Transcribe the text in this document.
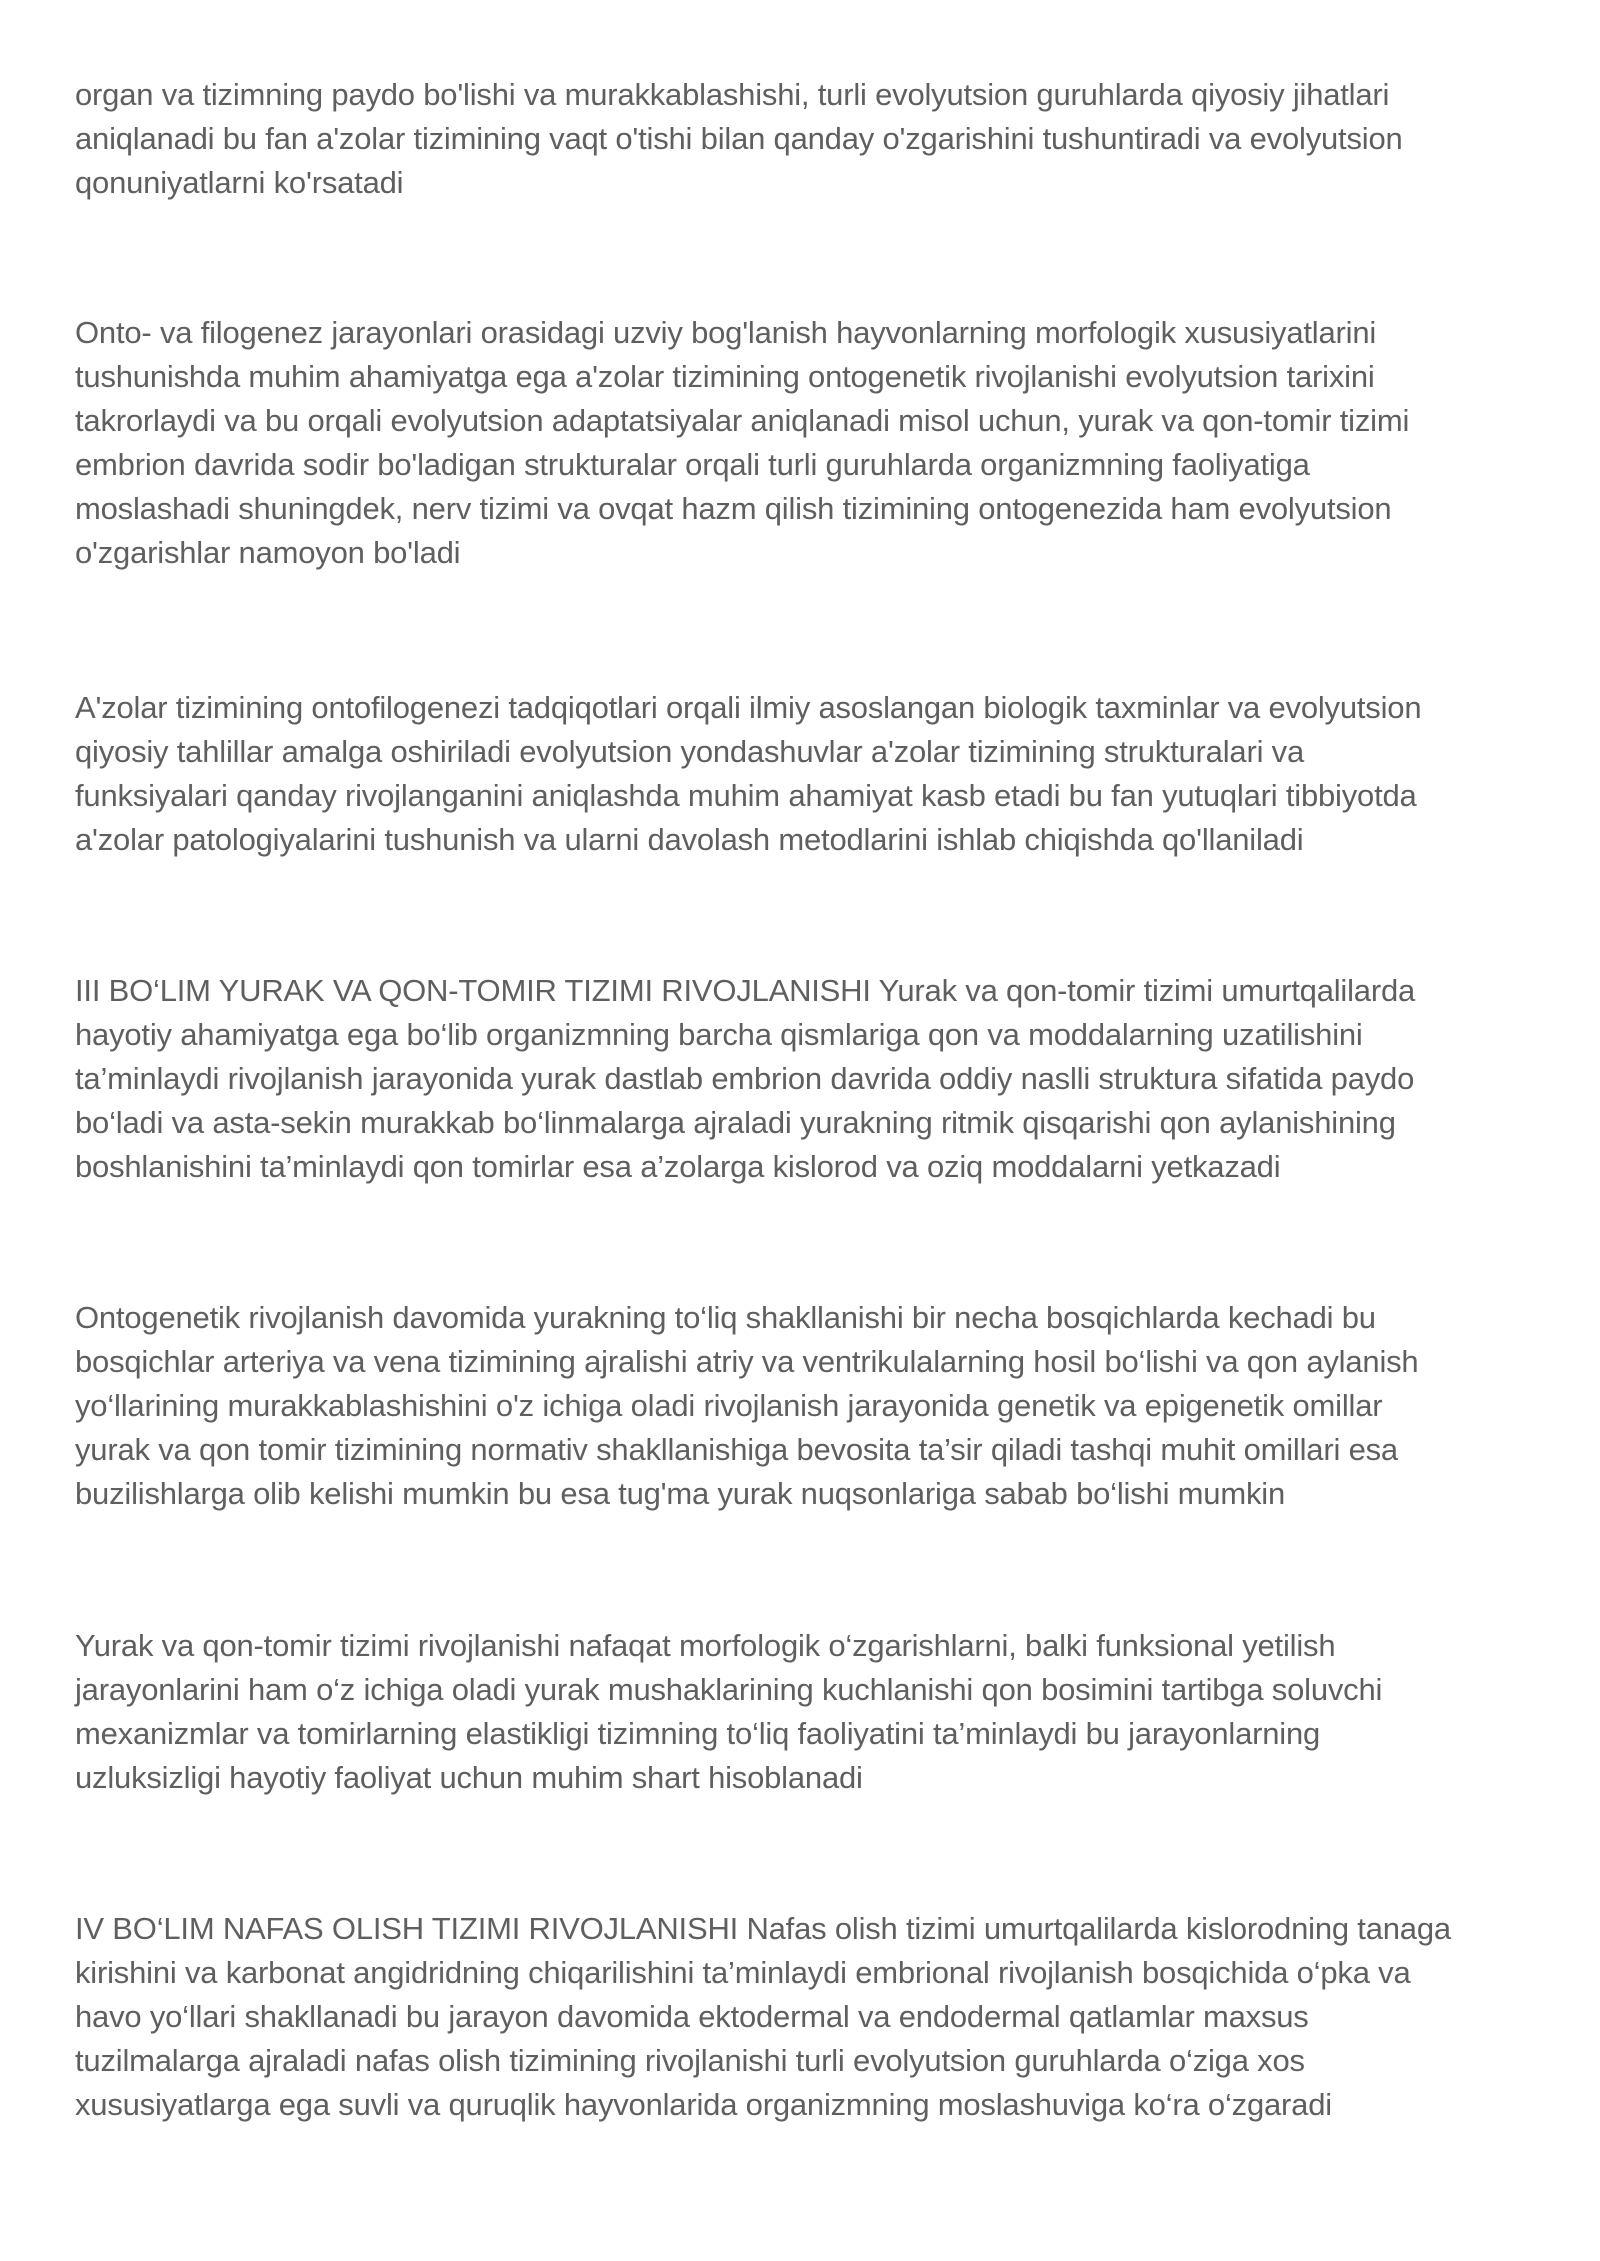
organ va tizimning paydo bo'lishi va murakkablashishi, turli evolyutsion guruhlarda qiyosiy jihatlari
aniqlanadi bu fan a'zolar tizimining vaqt o'tishi bilan qanday o'zgarishini tushuntiradi va evolyutsion
qonuniyatlarni ko'rsatadi

Onto- va filogenez jarayonlari orasidagi uzviy bog'lanish hayvonlarning morfologik xususiyatlarini
tushunishda muhim ahamiyatga ega a'zolar tizimining ontogenetik rivojlanishi evolyutsion tarixini
takrorlaydi va bu orqali evolyutsion adaptatsiyalar aniqlanadi misol uchun, yurak va qon-tomir tizimi
embrion davrida sodir bo'ladigan strukturalar orqali turli guruhlarda organizmning faoliyatiga
moslashadi shuningdek, nerv tizimi va ovqat hazm qilish tizimining ontogenezida ham evolyutsion
o'zgarishlar namoyon bo'ladi

A'zolar tizimining ontofilogenezi tadqiqotlari orqali ilmiy asoslangan biologik taxminlar va evolyutsion
qiyosiy tahlillar amalga oshiriladi evolyutsion yondashuvlar a'zolar tizimining strukturalari va
funksiyalari qanday rivojlanganini aniqlashda muhim ahamiyat kasb etadi bu fan yutuqlari tibbiyotda
a'zolar patologiyalarini tushunish va ularni davolash metodlarini ishlab chiqishda qo'llaniladi

III BO‘LIM YURAK VA QON-TOMIR TIZIMI RIVOJLANISHI Yurak va qon-tomir tizimi umurtqalilarda
hayotiy ahamiyatga ega bo‘lib organizmning barcha qismlariga qon va moddalarning uzatilishini
ta’minlaydi rivojlanish jarayonida yurak dastlab embrion davrida oddiy naslli struktura sifatida paydo
bo‘ladi va asta-sekin murakkab bo‘linmalarga ajraladi yurakning ritmik qisqarishi qon aylanishining
boshlanishini ta’minlaydi qon tomirlar esa a’zolarga kislorod va oziq moddalarni yetkazadi

Ontogenetik rivojlanish davomida yurakning to‘liq shakllanishi bir necha bosqichlarda kechadi bu
bosqichlar arteriya va vena tizimining ajralishi atriy va ventrikulalarning hosil bo‘lishi va qon aylanish
yo‘llarining murakkablashishini o'z ichiga oladi rivojlanish jarayonida genetik va epigenetik omillar
yurak va qon tomir tizimining normativ shakllanishiga bevosita ta’sir qiladi tashqi muhit omillari esa
buzilishlarga olib kelishi mumkin bu esa tug'ma yurak nuqsonlariga sabab bo‘lishi mumkin

Yurak va qon-tomir tizimi rivojlanishi nafaqat morfologik o‘zgarishlarni, balki funksional yetilish
jarayonlarini ham o‘z ichiga oladi yurak mushaklarining kuchlanishi qon bosimini tartibga soluvchi
mexanizmlar va tomirlarning elastikligi tizimning to‘liq faoliyatini ta’minlaydi bu jarayonlarning
uzluksizligi hayotiy faoliyat uchun muhim shart hisoblanadi

IV BO‘LIM NAFAS OLISH TIZIMI RIVOJLANISHI Nafas olish tizimi umurtqalilarda kislorodning tanaga
kirishini va karbonat angidridning chiqarilishini ta’minlaydi embrional rivojlanish bosqichida o‘pka va
havo yo‘llari shakllanadi bu jarayon davomida ektodermal va endodermal qatlamlar maxsus
tuzilmalarga ajraladi nafas olish tizimining rivojlanishi turli evolyutsion guruhlarda o‘ziga xos
xususiyatlarga ega suvli va quruqlik hayvonlarida organizmning moslashuviga ko‘ra o‘zgaradi
